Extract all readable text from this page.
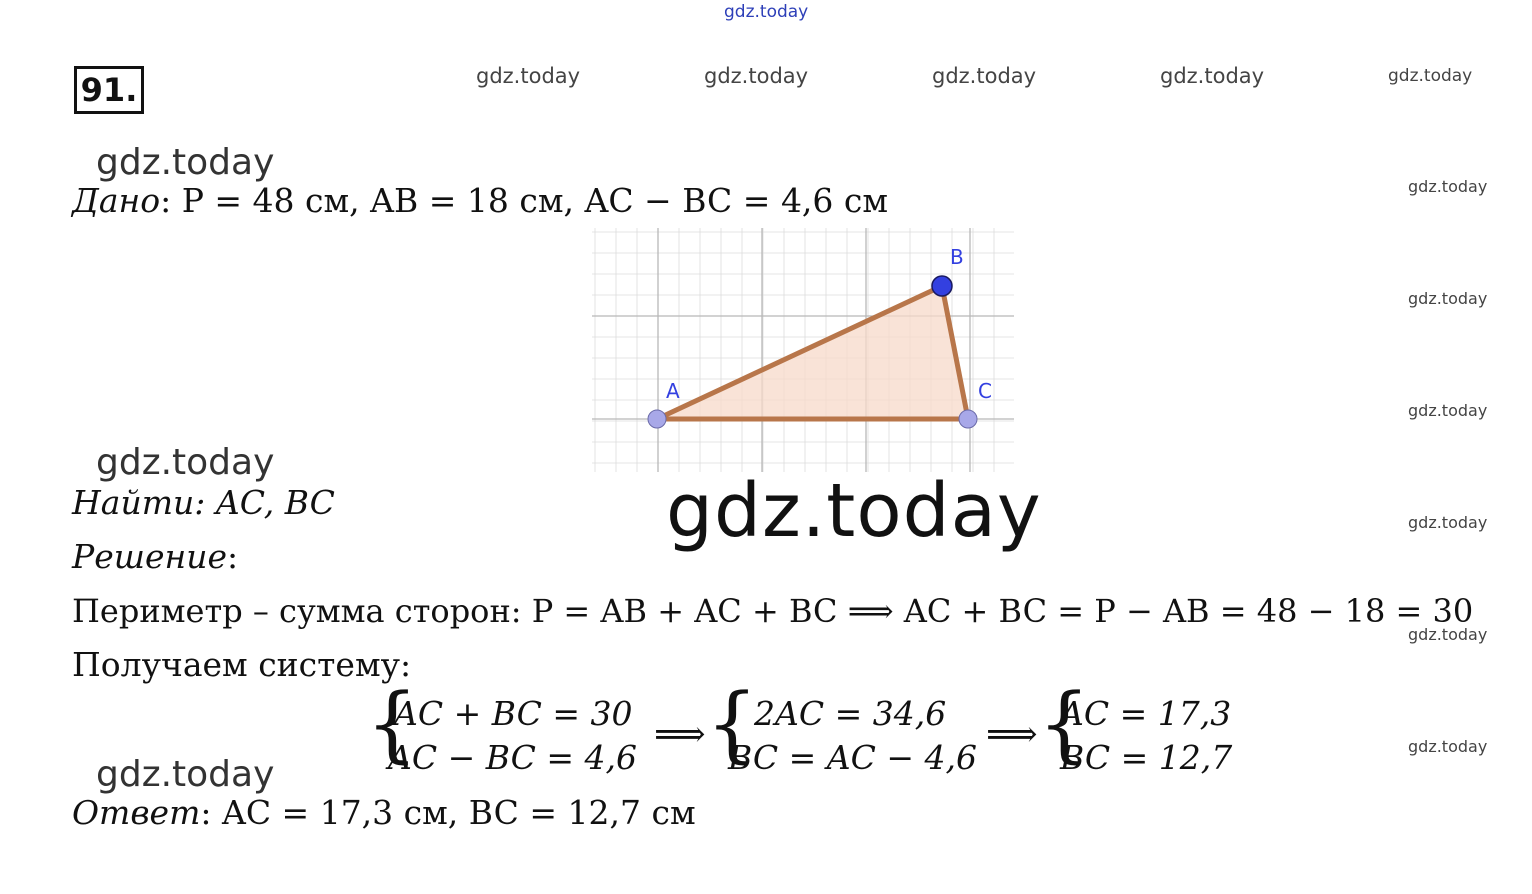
gdz.today
gdz.today	gdz.today	gdz.today	gdz.today	gdz.today
gdz.today
gdz.today
gdz.today
gdz.today
gdz.today
gdz.today
gdz.today
gdz.today
gdz.today
91.
Дано: P = 48 см, AB = 18 см, AC − BC = 4,6 см
A
B
C
gdz.today
Найти: AC, BC
Решение:
Периметр – сумма сторон: P = AB + AC + BC ⟹ AC + BC = P − AB = 48 − 18 = 30
Получаем систему:
{
AC + BC = 30
AC − BC = 4,6
⟹ {
2AC = 34,6
BC = AC − 4,6
⟹ {
AC = 17,3
BC = 12,7
Ответ: AC = 17,3 см, BC = 12,7 см
